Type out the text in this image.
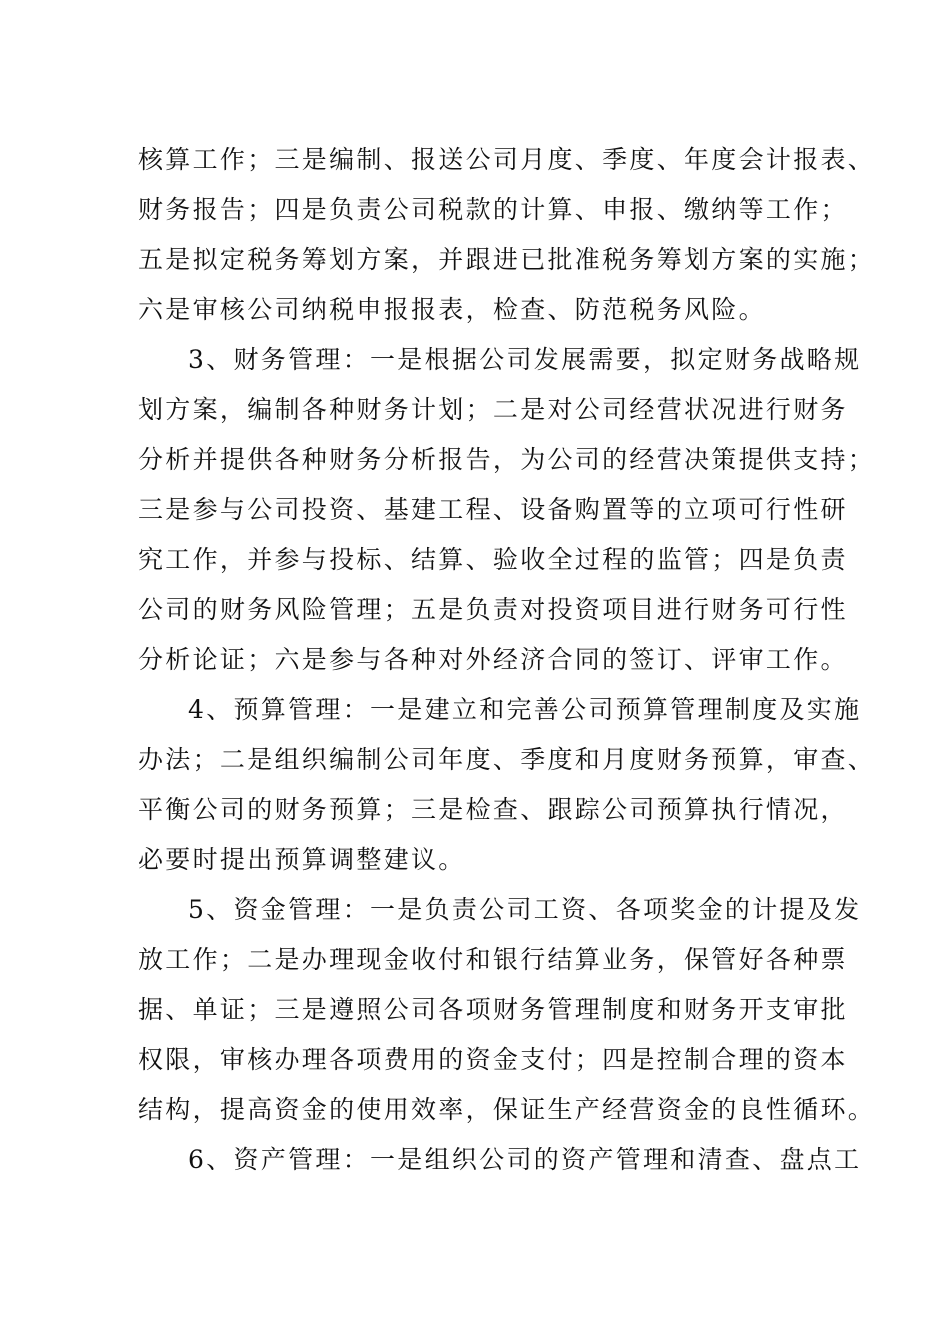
核算工作；三是编制、报送公司月度、季度、年度会计报表、
财务报告；四是负责公司税款的计算、申报、缴纳等工作；
五是拟定税务筹划方案，并跟进已批准税务筹划方案的实施；
六是审核公司纳税申报报表，检查、防范税务风险。
3、财务管理：一是根据公司发展需要，拟定财务战略规
划方案，编制各种财务计划；二是对公司经营状况进行财务
分析并提供各种财务分析报告，为公司的经营决策提供支持；
三是参与公司投资、基建工程、设备购置等的立项可行性研
究工作，并参与投标、结算、验收全过程的监管；四是负责
公司的财务风险管理；五是负责对投资项目进行财务可行性
分析论证；六是参与各种对外经济合同的签订、评审工作。
4、预算管理：一是建立和完善公司预算管理制度及实施
办法；二是组织编制公司年度、季度和月度财务预算，审查、
平衡公司的财务预算；三是检查、跟踪公司预算执行情况，
必要时提出预算调整建议。
5、资金管理：一是负责公司工资、各项奖金的计提及发
放工作；二是办理现金收付和银行结算业务，保管好各种票
据、单证；三是遵照公司各项财务管理制度和财务开支审批
权限，审核办理各项费用的资金支付；四是控制合理的资本
结构，提高资金的使用效率，保证生产经营资金的良性循环。
6、资产管理：一是组织公司的资产管理和清查、盘点工
